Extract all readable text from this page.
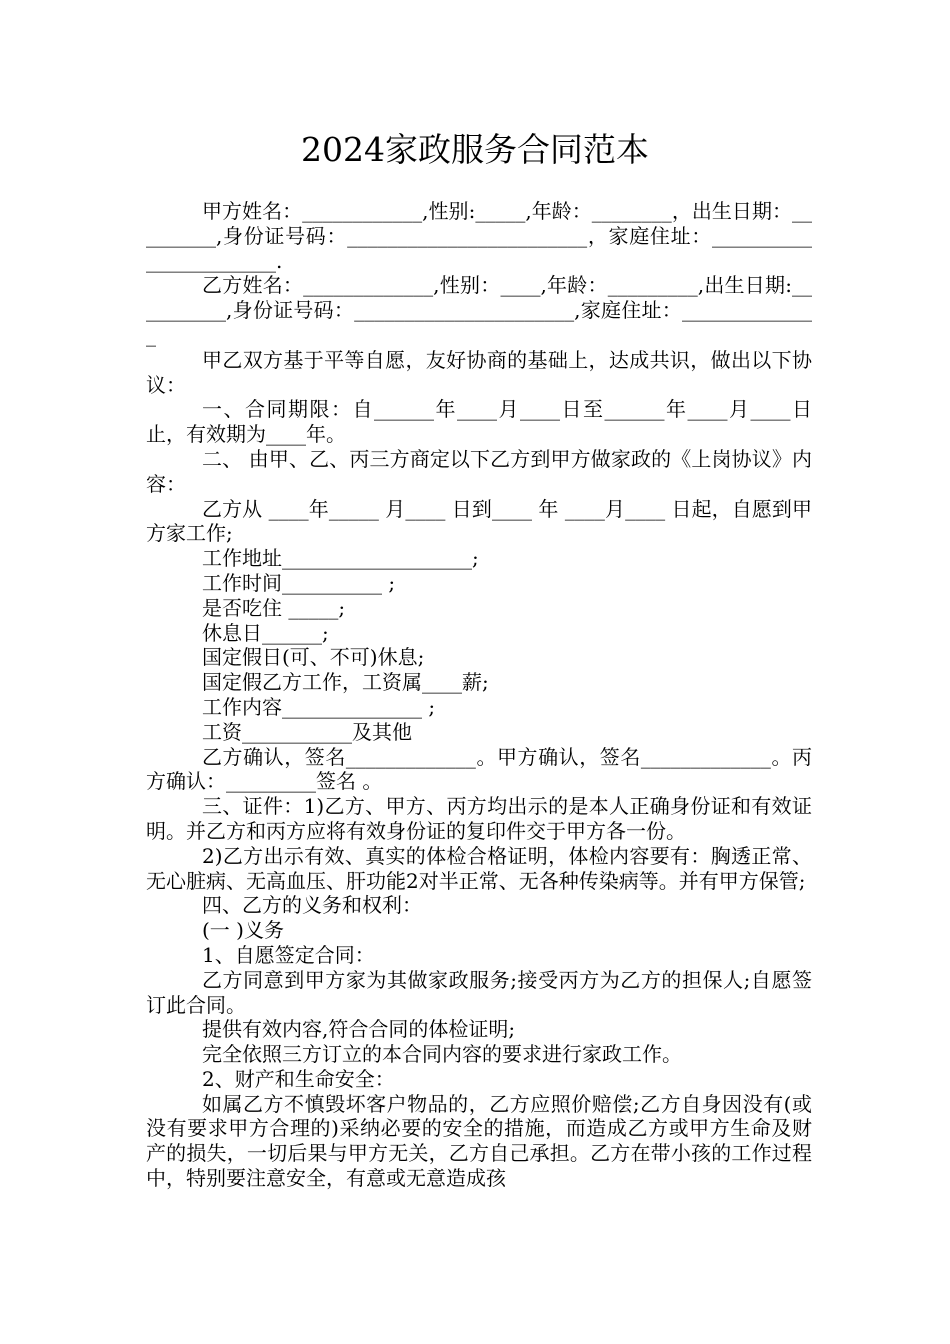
2024家政服务合同范本

甲方姓名：____________,性别:_____,年龄：________，出生日期：_________,身份证号码：________________________，家庭住址：_______________________.

乙方姓名：_____________,性别：____,年龄：_________,出生日期:__________,身份证号码：______________________,家庭住址：______________

甲乙双方基于平等自愿，友好协商的基础上，达成共识，做出以下协议：

一、合同期限：自______年____月____日至______年____月____日止，有效期为____年。

二、 由甲、乙、丙三方商定以下乙方到甲方做家政的《上岗协议》内容：

乙方从 ____年_____ 月____ 日到____ 年 ____月____ 日起，自愿到甲方家工作;

工作地址___________________;

工作时间__________ ;

是否吃住 _____;

休息日______;

国定假日(可、不可)休息;

国定假乙方工作，工资属____薪;

工作内容______________ ;

工资___________及其他

乙方确认，签名_____________。甲方确认，签名_____________。丙方确认：_________签名 。

三、证件：1)乙方、甲方、丙方均出示的是本人正确身份证和有效证明。并乙方和丙方应将有效身份证的复印件交于甲方各一份。

2)乙方出示有效、真实的体检合格证明，体检内容要有：胸透正常、无心脏病、无高血压、肝功能2对半正常、无各种传染病等。并有甲方保管;

四、乙方的义务和权利：

(一 )义务

1、自愿签定合同：

乙方同意到甲方家为其做家政服务;接受丙方为乙方的担保人;自愿签订此合同。

提供有效内容,符合合同的体检证明;

完全依照三方订立的本合同内容的要求进行家政工作。

2、财产和生命安全：

如属乙方不慎毁坏客户物品的，乙方应照价赔偿;乙方自身因没有(或没有要求甲方合理的)采纳必要的安全的措施，而造成乙方或甲方生命及财产的损失，一切后果与甲方无关，乙方自己承担。乙方在带小孩的工作过程中，特别要注意安全，有意或无意造成孩
